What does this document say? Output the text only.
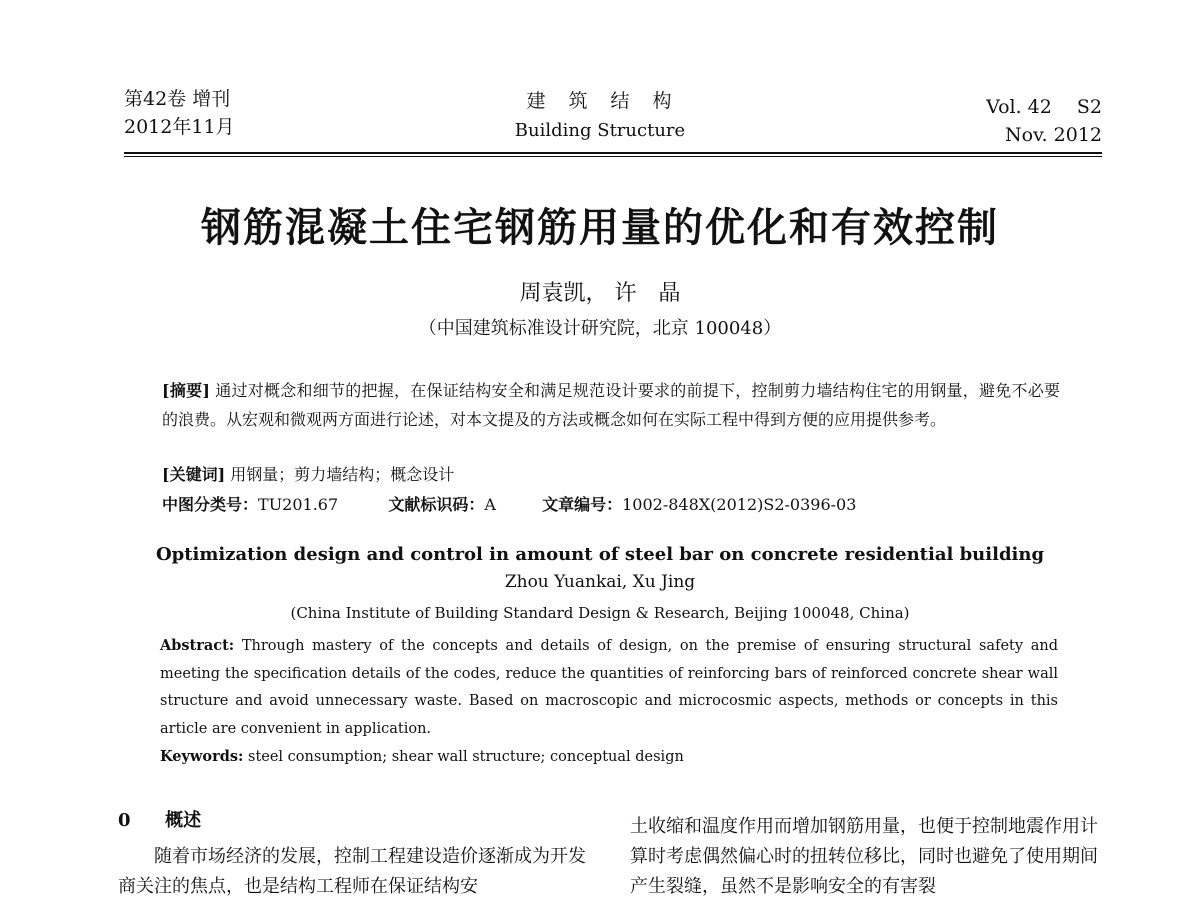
第42卷 增刊
2012年11月
建　筑　结　构
Building Structure
Vol. 42　 S2
Nov. 2012
钢筋混凝土住宅钢筋用量的优化和有效控制
周袁凯， 许　晶
（中国建筑标准设计研究院，北京 100048）
[摘要] 通过对概念和细节的把握，在保证结构安全和满足规范设计要求的前提下，控制剪力墙结构住宅的用钢量，避免不必要的浪费。从宏观和微观两方面进行论述，对本文提及的方法或概念如何在实际工程中得到方便的应用提供参考。
[关键词] 用钢量；剪力墙结构；概念设计
中图分类号：TU201.67	文献标识码：A	文章编号：1002-848X(2012)S2-0396-03
Optimization design and control in amount of steel bar on concrete residential building
Zhou Yuankai, Xu Jing
(China Institute of Building Standard Design & Research, Beijing 100048, China)
Abstract: Through mastery of the concepts and details of design, on the premise of ensuring structural safety and meeting the specification details of the codes, reduce the quantities of reinforcing bars of reinforced concrete shear wall structure and avoid unnecessary waste. Based on macroscopic and microcosmic aspects, methods or concepts in this article are convenient in application.
Keywords: steel consumption; shear wall structure; conceptual design
0 概述
随着市场经济的发展，控制工程建设造价逐渐成为开发商关注的焦点，也是结构工程师在保证结构安
土收缩和温度作用而增加钢筋用量，也便于控制地震作用计算时考虑偶然偏心时的扭转位移比，同时也避免了使用期间产生裂缝，虽然不是影响安全的有害裂
